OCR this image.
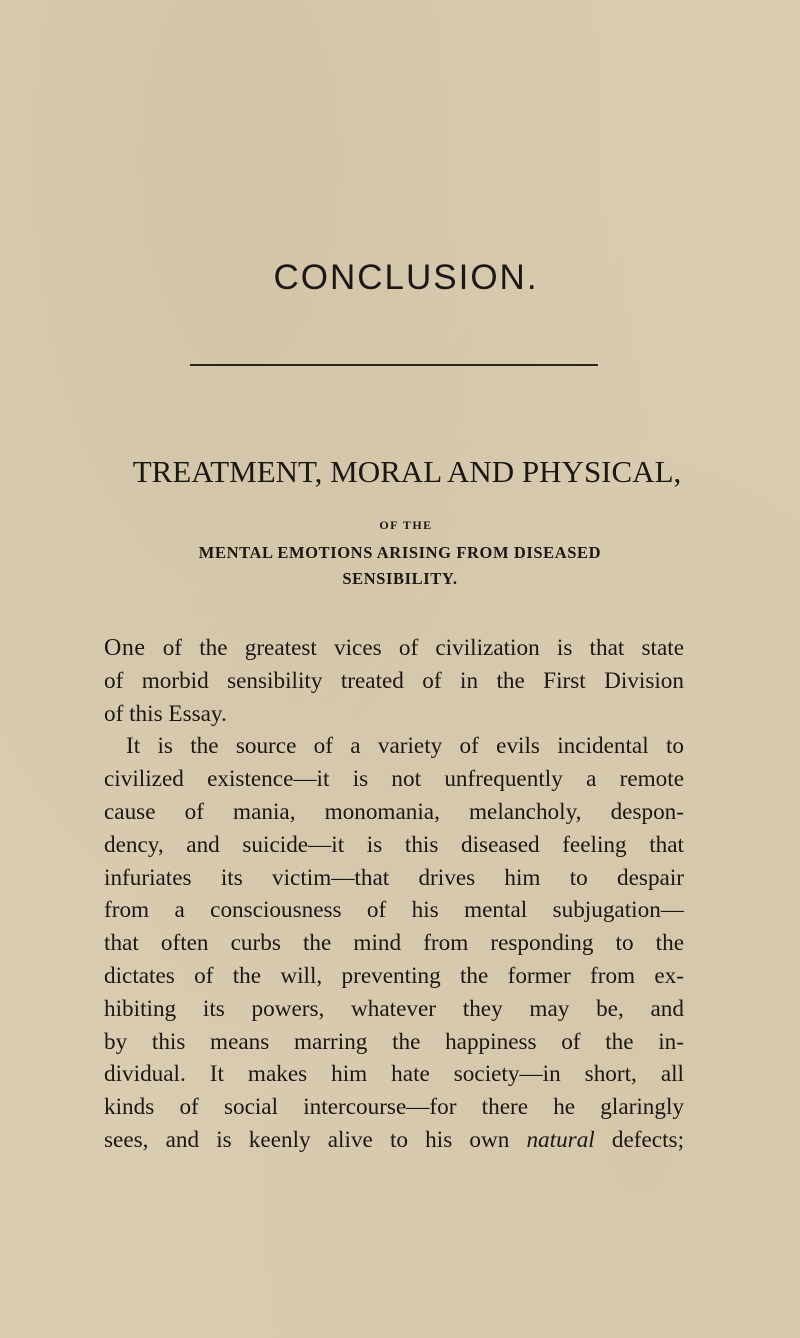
CONCLUSION.
TREATMENT, MORAL AND PHYSICAL,
OF THE
MENTAL EMOTIONS ARISING FROM DISEASED
SENSIBILITY.
One of the greatest vices of civilization is that state
of morbid sensibility treated of in the First Division
of this Essay.
It is the source of a variety of evils incidental to
civilized existence—it is not unfrequently a remote
cause of mania, monomania, melancholy, despon-
dency, and suicide—it is this diseased feeling that
infuriates its victim—that drives him to despair
from a consciousness of his mental subjugation—
that often curbs the mind from responding to the
dictates of the will, preventing the former from ex-
hibiting its powers, whatever they may be, and
by this means marring the happiness of the in-
dividual. It makes him hate society—in short, all
kinds of social intercourse—for there he glaringly
sees, and is keenly alive to his own natural defects;
